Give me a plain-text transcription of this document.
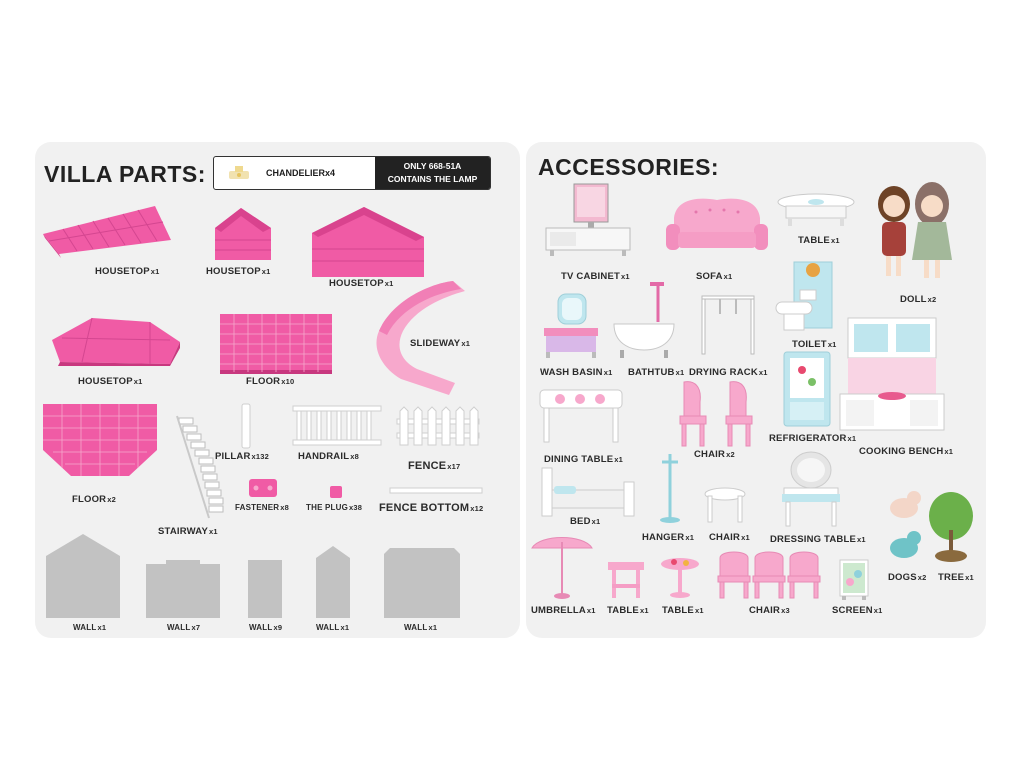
VILLA PARTS:	CHANDELIERx4
ONLY 668-51A
CONTAINS THE LAMP
HOUSETOPx1	HOUSETOPx1
HOUSETOPx1
HOUSETOPx1	FLOORx10
SLIDEWAYx1
FLOORx2
STAIRWAYx1
PILLARx132	HANDRAILx8
FENCEx17
FASTENERx8 THE PLUGx38 FENCE BOTTOMx12
WALLx1	WALLx7	WALLx9	WALLx1	WALLx1
ACCESSORIES:
TV CABINETx1	SOFAx1
TABLEx1
DOLLx2
TOILETx1
WASH BASINx1 BATHTUBx1 DRYING RACKx1
DINING TABLEx1	CHAIRx2
REFRIGERATORx1
COOKING BENCHx1
BEDx1
HANGERx1 CHAIRx1 DRESSING TABLEx1
DOGSx2 TREEx1
UMBRELLAx1 TABLEx1 TABLEx1	CHAIRx3	SCREENx1
